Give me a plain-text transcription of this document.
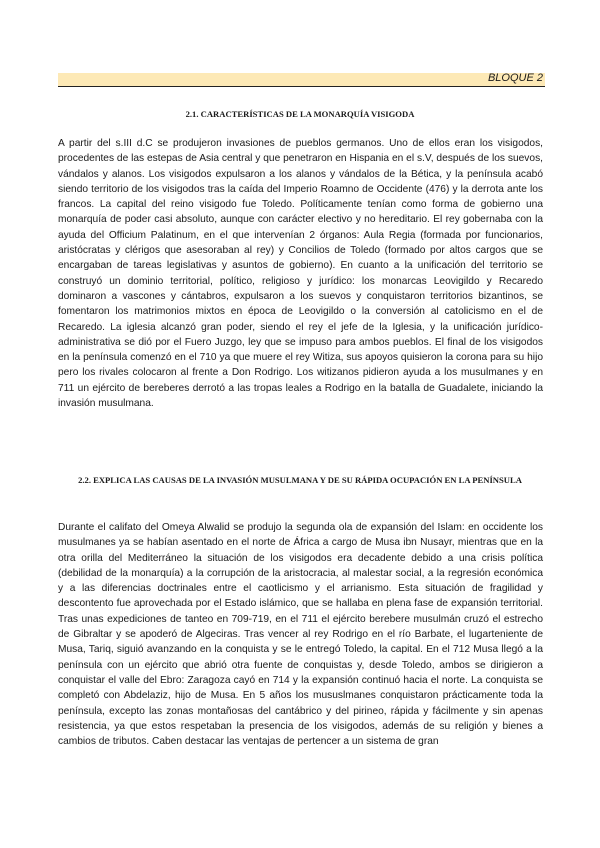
BLOQUE 2
2.1. CARACTERÍSTICAS DE LA MONARQUÍA VISIGODA

A partir del s.III d.C se produjeron invasiones de pueblos germanos. Uno de ellos eran los visigodos, procedentes de las estepas de Asia central y que penetraron en Hispania en el s.V, después de los suevos, vándalos y alanos. Los visigodos expulsaron a los alanos y vándalos de la Bética, y la península acabó siendo territorio de los visigodos tras la caída del Imperio Roamno de Occidente (476) y la derrota ante los francos. La capital del reino visigodo fue Toledo. Políticamente tenían como forma de gobierno una monarquía de poder casi absoluto, aunque con carácter electivo y no hereditario. El rey gobernaba con la ayuda del Officium Palatinum, en el que intervenían 2 órganos: Aula Regia (formada por funcionarios, aristócratas y clérigos que asesoraban al rey) y Concilios de Toledo (formado por altos cargos que se encargaban de tareas legislativas y asuntos de gobierno). En cuanto a la unificación del territorio se construyó un dominio territorial, político, religioso y jurídico: los monarcas Leovigildo y Recaredo dominaron a vascones y cántabros, expulsaron a los suevos y conquistaron territorios bizantinos, se fomentaron los matrimonios mixtos en época de Leovigildo o la conversión al catolicismo en el de Recaredo. La iglesia alcanzó gran poder, siendo el rey el jefe de la Iglesia, y la unificación jurídico-administrativa se dió por el Fuero Juzgo, ley que se impuso para ambos pueblos. El final de los visigodos en la península comenzó en el 710 ya que muere el rey Witiza, sus apoyos quisieron la corona para su hijo pero los rivales colocaron al frente a Don Rodrigo. Los witizanos pidieron ayuda a los musulmanes y en 711 un ejército de bereberes derrotó a las tropas leales a Rodrigo en la batalla de Guadalete, iniciando la invasión musulmana.

2.2. EXPLICA LAS CAUSAS DE LA INVASIÓN MUSULMANA Y DE SU RÁPIDA OCUPACIÓN EN LA PENÍNSULA

Durante el califato del Omeya Alwalid se produjo la segunda ola de expansión del Islam: en occidente los musulmanes ya se habían asentado en el norte de África a cargo de Musa ibn Nusayr, mientras que en la otra orilla del Mediterráneo la situación de los visigodos era decadente debido a una crisis política (debilidad de la monarquía) a la corrupción de la aristocracia, al malestar social, a la regresión económica y a las diferencias doctrinales entre el caotlicismo y el arrianismo. Esta situación de fragilidad y descontento fue aprovechada por el Estado islámico, que se hallaba en plena fase de expansión territorial. Tras unas expediciones de tanteo en 709-719, en el 711 el ejército berebere musulmán cruzó el estrecho de Gibraltar y se apoderó de Algeciras. Tras vencer al rey Rodrigo en el río Barbate, el lugarteniente de Musa, Tariq, siguió avanzando en la conquista y se le entregó Toledo, la capital. En el 712 Musa llegó a la península con un ejército que abrió otra fuente de conquistas y, desde Toledo, ambos se dirigieron a conquistar el valle del Ebro: Zaragoza cayó en 714 y la expansión continuó hacia el norte. La conquista se completó con Abdelaziz, hijo de Musa. En 5 años los mususlmanes conquistaron prácticamente toda la península, excepto las zonas montañosas del cantábrico y del pirineo, rápida y fácilmente y sin apenas resistencia, ya que estos respetaban la presencia de los visigodos, además de su religión y bienes a cambios de tributos. Caben destacar las ventajas de pertencer a un sistema de gran
